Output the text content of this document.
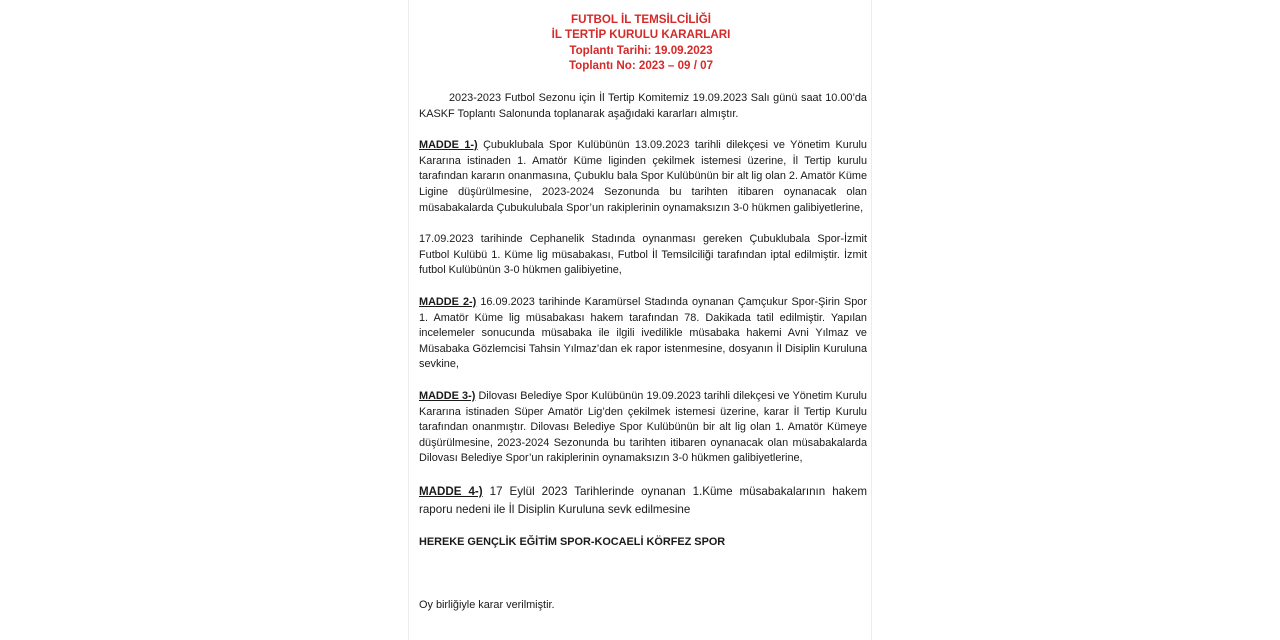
FUTBOL İL TEMSİLCİLİĞİ
İL TERTİP KURULU KARARLARI
Toplantı Tarihi: 19.09.2023
Toplantı No: 2023 – 09 / 07

2023-2023 Futbol Sezonu için İl Tertip Komitemiz 19.09.2023 Salı günü saat 10.00’da KASKF Toplantı Salonunda toplanarak aşağıdaki kararları almıştır.

MADDE 1-) Çubuklubala Spor Kulübünün 13.09.2023 tarihli dilekçesi ve Yönetim Kurulu Kararına istinaden 1. Amatör Küme liginden çekilmek istemesi üzerine, İl Tertip kurulu tarafından kararın onanmasına, Çubuklu bala Spor Kulübünün bir alt lig olan 2. Amatör Küme Ligine düşürülmesine, 2023-2024 Sezonunda bu tarihten itibaren oynanacak olan müsabakalarda Çubukulubala Spor’un rakiplerinin oynamaksızın 3-0 hükmen galibiyetlerine,

17.09.2023 tarihinde Cephanelik Stadında oynanması gereken Çubuklubala Spor-İzmit Futbol Kulübü 1. Küme lig müsabakası, Futbol İl Temsilciliği tarafından iptal edilmiştir. İzmit futbol Kulübünün 3-0 hükmen galibiyetine,

MADDE 2-) 16.09.2023 tarihinde Karamürsel Stadında oynanan Çamçukur Spor-Şirin Spor 1. Amatör Küme lig müsabakası hakem tarafından 78. Dakikada tatil edilmiştir. Yapılan incelemeler sonucunda müsabaka ile ilgili ivedilikle müsabaka hakemi Avni Yılmaz ve Müsabaka Gözlemcisi Tahsin Yılmaz’dan ek rapor istenmesine, dosyanın İl Disiplin Kuruluna sevkine,

MADDE 3-) Dilovası Belediye Spor Kulübünün 19.09.2023 tarihli dilekçesi ve Yönetim Kurulu Kararına istinaden Süper Amatör Lig’den çekilmek istemesi üzerine, karar İl Tertip Kurulu tarafından onanmıştır. Dilovası Belediye Spor Kulübünün bir alt lig olan 1. Amatör Kümeye düşürülmesine, 2023-2024 Sezonunda bu tarihten itibaren oynanacak olan müsabakalarda Dilovası Belediye Spor’un rakiplerinin oynamaksızın 3-0 hükmen galibiyetlerine,

MADDE 4-) 17 Eylül 2023 Tarihlerinde oynanan 1.Küme müsabakalarının hakem raporu nedeni ile İl Disiplin Kuruluna sevk edilmesine

HEREKE GENÇLİK EĞİTİM SPOR-KOCAELİ KÖRFEZ SPOR

Oy birliğiyle karar verilmiştir.
